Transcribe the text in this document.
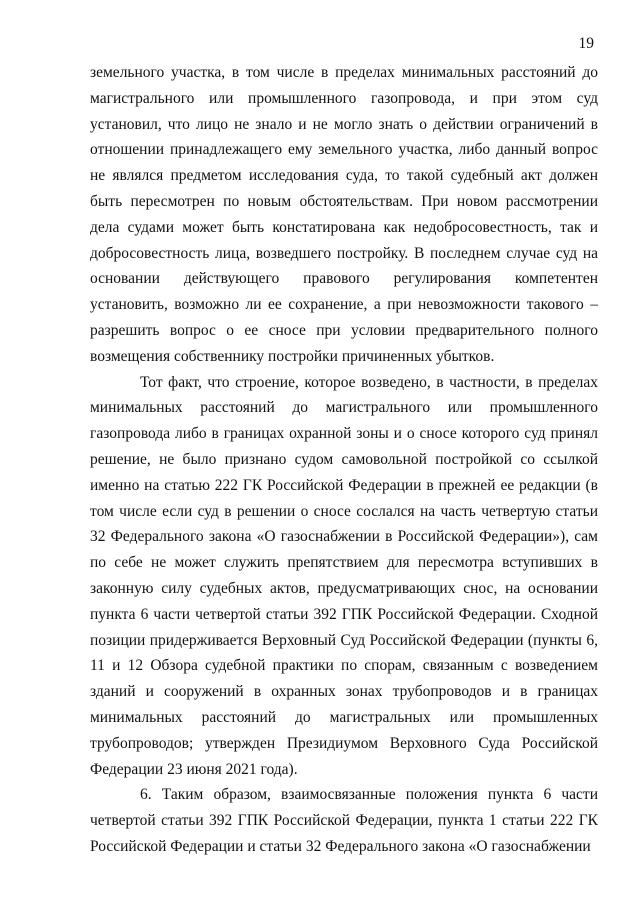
19

земельного участка, в том числе в пределах минимальных расстояний до магистрального или промышленного газопровода, и при этом суд установил, что лицо не знало и не могло знать о действии ограничений в отношении принадлежащего ему земельного участка, либо данный вопрос не являлся предметом исследования суда, то такой судебный акт должен быть пересмотрен по новым обстоятельствам. При новом рассмотрении дела судами может быть констатирована как недобросовестность, так и добросовестность лица, возведшего постройку. В последнем случае суд на основании действующего правового регулирования компетентен установить, возможно ли ее сохранение, а при невозможности такового – разрешить вопрос о ее сносе при условии предварительного полного возмещения собственнику постройки причиненных убытков.

Тот факт, что строение, которое возведено, в частности, в пределах минимальных расстояний до магистрального или промышленного газопровода либо в границах охранной зоны и о сносе которого суд принял решение, не было признано судом самовольной постройкой со ссылкой именно на статью 222 ГК Российской Федерации в прежней ее редакции (в том числе если суд в решении о сносе сослался на часть четвертую статьи 32 Федерального закона «О газоснабжении в Российской Федерации»), сам по себе не может служить препятствием для пересмотра вступивших в законную силу судебных актов, предусматривающих снос, на основании пункта 6 части четвертой статьи 392 ГПК Российской Федерации. Сходной позиции придерживается Верховный Суд Российской Федерации (пункты 6, 11 и 12 Обзора судебной практики по спорам, связанным с возведением зданий и сооружений в охранных зонах трубопроводов и в границах минимальных расстояний до магистральных или промышленных трубопроводов; утвержден Президиумом Верховного Суда Российской Федерации 23 июня 2021 года).

6. Таким образом, взаимосвязанные положения пункта 6 части четвертой статьи 392 ГПК Российской Федерации, пункта 1 статьи 222 ГК Российской Федерации и статьи 32 Федерального закона «О газоснабжении
